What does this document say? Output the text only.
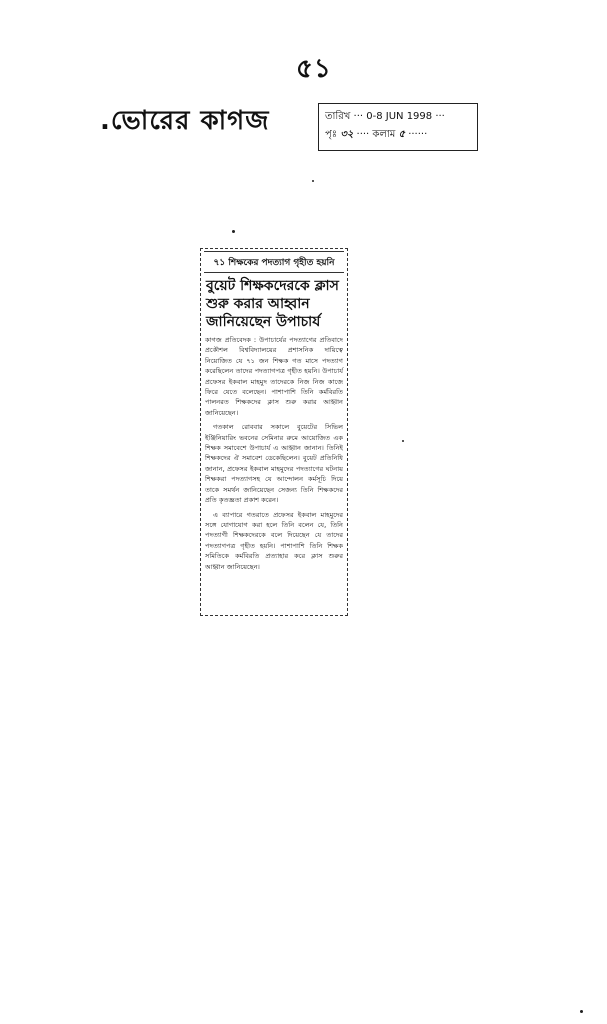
৫১
.ভোরের কাগজ	তারিখ ··· 0-8 JUN 1998 ···
পৃঃ ৩২ ···· কলাম ৫ ······
৭১ শিক্ষকের পদত্যাগ গৃহীত হয়নি
বুয়েট শিক্ষকদেরকে ক্লাস শুরু করার আহ্বান জানিয়েছেন উপাচার্য

কাগজ প্রতিবেদক : উপাচার্যের পদত্যাগের প্রতিবাদে প্রকৌশল বিশ্ববিদ্যালয়ের প্রশাসনিক দায়িত্বে নিয়োজিত যে ৭১ জন শিক্ষক গত মাসে পদত্যাগ করেছিলেন তাদের পদত্যাগপত্র গৃহীত হয়নি। উপাচার্য প্রফেসর ইকবাল মাহমুদ তাদেরকে নিজ নিজ কাজে ফিরে যেতে বলেছেন। পাশাপাশি তিনি কর্মবিরতি পালনরত শিক্ষকদের ক্লাস শুরু করার আহ্বান জানিয়েছেন।

গতকাল রোববার সকালে বুয়েটের সিভিল ইঞ্জিনিয়ারিং ভবনের সেমিনার রুমে আয়োজিত এক শিক্ষক সমাবেশে উপাচার্য এ আহ্বান জানান। তিনিই শিক্ষকদের ঐ সমাবেশ ডেকেছিলেন। বুয়েট প্রতিনিধি জানান, প্রফেসর ইকবাল মাহমুদের পদত্যাগের ঘটনায় শিক্ষকরা পদত্যাগসহ যে আন্দোলন কর্মসূচি দিয়ে তাকে সমর্থন জানিয়েছেন সেজন্য তিনি শিক্ষকদের প্রতি কৃতজ্ঞতা প্রকাশ করেন।

এ ব্যাপারে গতরাতে প্রফেসর ইকবাল মাহমুদের সঙ্গে যোগাযোগ করা হলে তিনি বলেন যে, তিনি পদত্যাগী শিক্ষকদেরকে বলে দিয়েছেন যে তাদের পদত্যাগপত্র গৃহীত হয়নি। পাশাপাশি তিনি শিক্ষক সমিতিকে কর্মবিরতি প্রত্যাহার করে ক্লাস শুরুর আহ্বান জানিয়েছেন।
